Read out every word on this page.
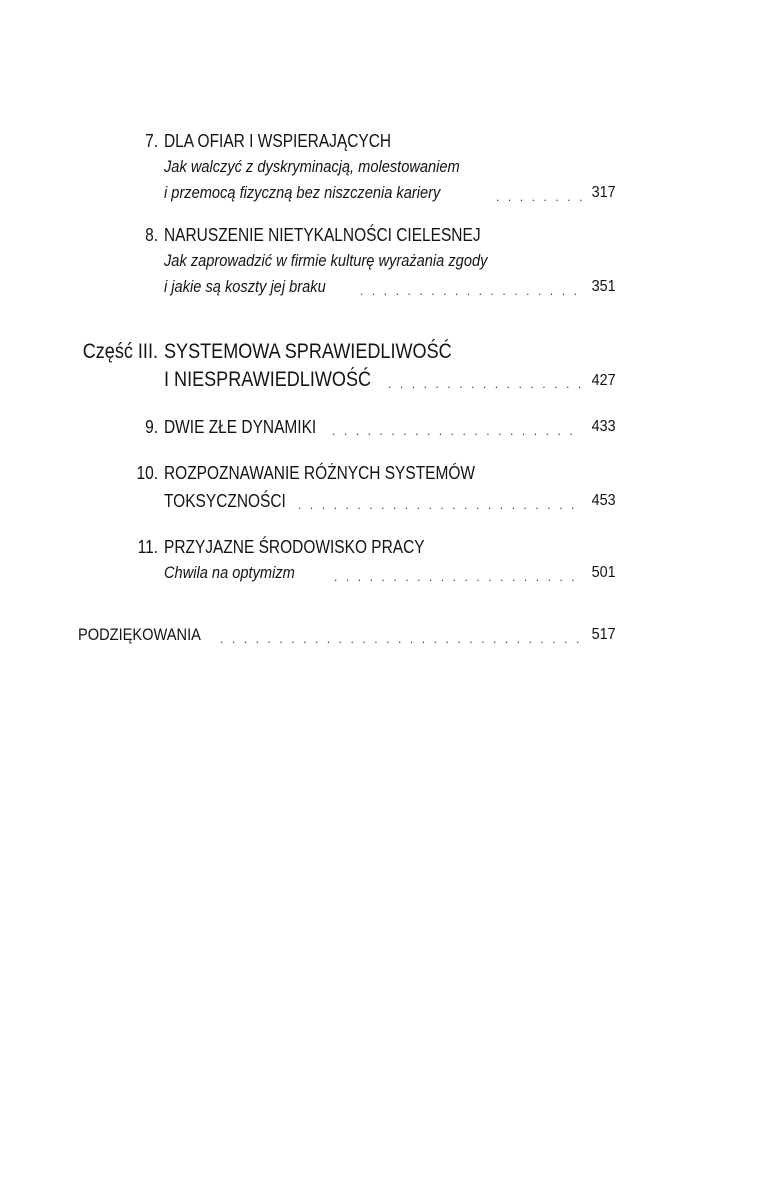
7. DLA OFIAR I WSPIERAJĄCYCH
Jak walczyć z dyskryminacją, molestowaniem
i przemocą fizyczną bez niszczenia kariery . . .	317
8. NARUSZENIE NIETYKALNOŚCI CIELESNEJ
Jak zaprowadzić w firmie kulturę wyrażania zgody
i jakie są koszty jej braku . . .	351
Część III. SYSTEMOWA SPRAWIEDLIWOŚĆ
I NIESPRAWIEDLIWOŚĆ . . .	427
9. DWIE ZŁE DYNAMIKI . . .	433
10. ROZPOZNAWANIE RÓŻNYCH SYSTEMÓW
TOKSYCZNOŚCI . . .	453
11. PRZYJAZNE ŚRODOWISKO PRACY
Chwila na optymizm . . .	501
PODZIĘKOWANIA . . .	517
